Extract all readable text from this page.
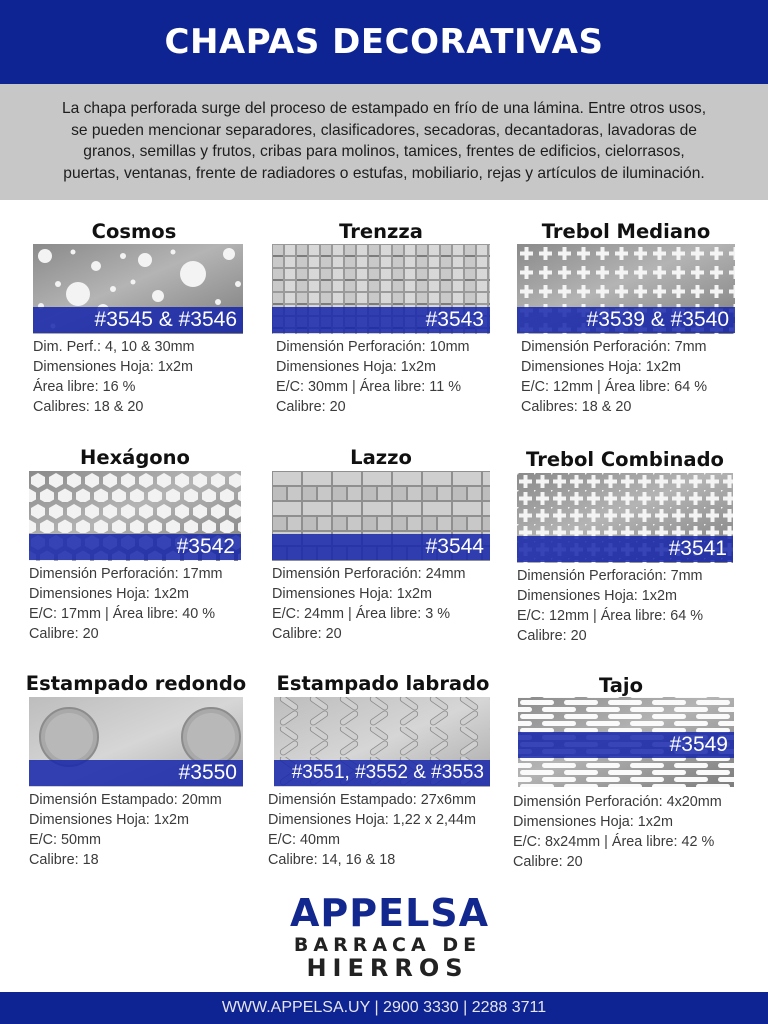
CHAPAS DECORATIVAS
La chapa perforada surge del proceso de estampado en frío de una lámina. Entre otros usos,
se pueden mencionar separadores, clasificadores, secadoras, decantadoras, lavadoras de
granos, semillas y frutos, cribas para molinos, tamices, frentes de edificios, cielorrasos,
puertas, ventanas, frente de radiadores o estufas, mobiliario, rejas y artículos de iluminación.
Cosmos
#3545 & #3546
Dim. Perf.: 4, 10 & 30mm
Dimensiones Hoja: 1x2m
Área libre: 16 %
Calibres: 18 & 20
Trenzza
#3543
Dimensión Perforación: 10mm
Dimensiones Hoja: 1x2m
E/C: 30mm | Área libre: 11 %
Calibre: 20
Trebol Mediano
#3539 & #3540
Dimensión Perforación: 7mm
Dimensiones Hoja: 1x2m
E/C: 12mm | Área libre: 64 %
Calibres: 18 & 20
Hexágono
#3542
Dimensión Perforación: 17mm
Dimensiones Hoja: 1x2m
E/C: 17mm | Área libre: 40 %
Calibre: 20
Lazzo
#3544
Dimensión Perforación: 24mm
Dimensiones Hoja: 1x2m
E/C: 24mm | Área libre: 3 %
Calibre: 20
Trebol Combinado
#3541
Dimensión Perforación: 7mm
Dimensiones Hoja: 1x2m
E/C: 12mm | Área libre: 64 %
Calibre: 20
Estampado redondo
#3550
Dimensión Estampado: 20mm
Dimensiones Hoja: 1x2m
E/C: 50mm
Calibre: 18
Estampado labrado
#3551, #3552 & #3553
Dimensión Estampado: 27x6mm
Dimensiones Hoja: 1,22 x 2,44m
E/C: 40mm
Calibre: 14, 16 & 18
Tajo
#3549
Dimensión Perforación: 4x20mm
Dimensiones Hoja: 1x2m
E/C: 8x24mm | Área libre: 42 %
Calibre: 20
APPELSA
BARRACA DE
HIERROS
WWW.APPELSA.UY | 2900 3330 | 2288 3711
